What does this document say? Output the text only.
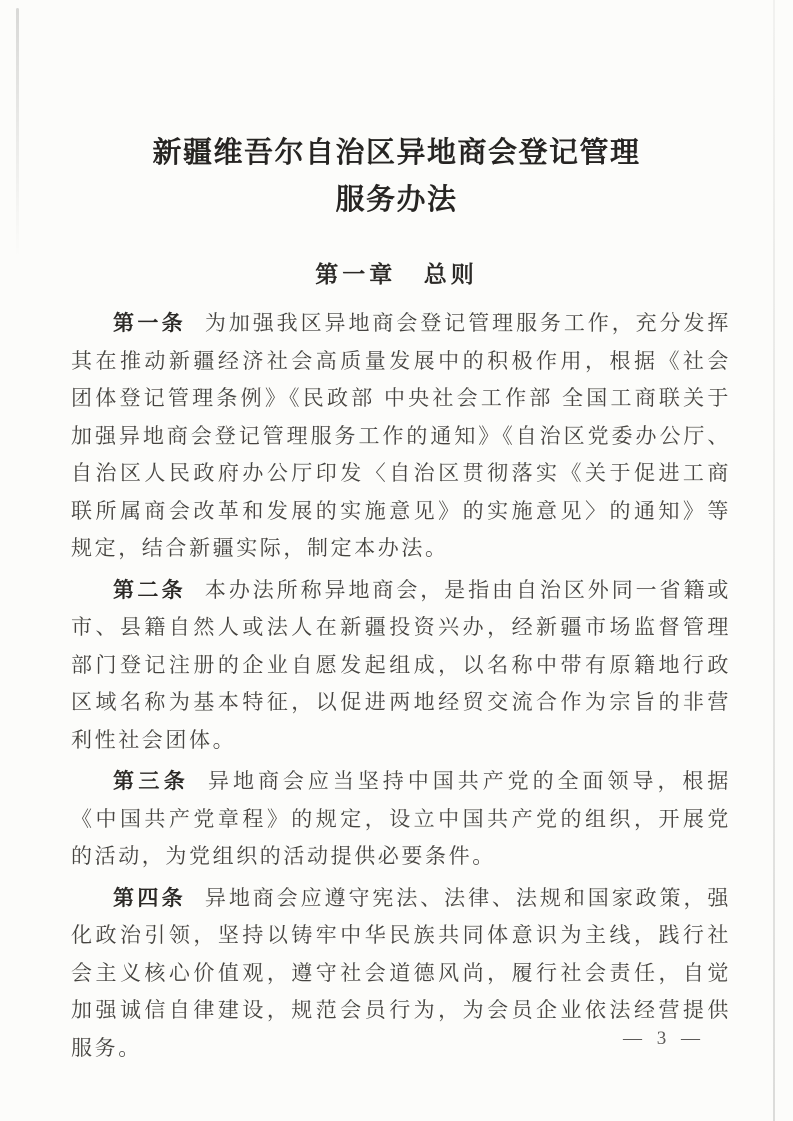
新疆维吾尔自治区异地商会登记管理
服务办法
第一章 总则

第一条 为加强我区异地商会登记管理服务工作，充分发挥其在推动新疆经济社会高质量发展中的积极作用，根据《社会团体登记管理条例》《民政部 中央社会工作部 全国工商联关于加强异地商会登记管理服务工作的通知》《自治区党委办公厅、自治区人民政府办公厅印发〈自治区贯彻落实《关于促进工商联所属商会改革和发展的实施意见》的实施意见〉的通知》等规定，结合新疆实际，制定本办法。

第二条 本办法所称异地商会，是指由自治区外同一省籍或市、县籍自然人或法人在新疆投资兴办，经新疆市场监督管理部门登记注册的企业自愿发起组成，以名称中带有原籍地行政区域名称为基本特征，以促进两地经贸交流合作为宗旨的非营利性社会团体。

第三条 异地商会应当坚持中国共产党的全面领导，根据《中国共产党章程》的规定，设立中国共产党的组织，开展党的活动，为党组织的活动提供必要条件。

第四条 异地商会应遵守宪法、法律、法规和国家政策，强化政治引领，坚持以铸牢中华民族共同体意识为主线，践行社会主义核心价值观，遵守社会道德风尚，履行社会责任，自觉加强诚信自律建设，规范会员行为，为会员企业依法经营提供服务。	— 3 —
